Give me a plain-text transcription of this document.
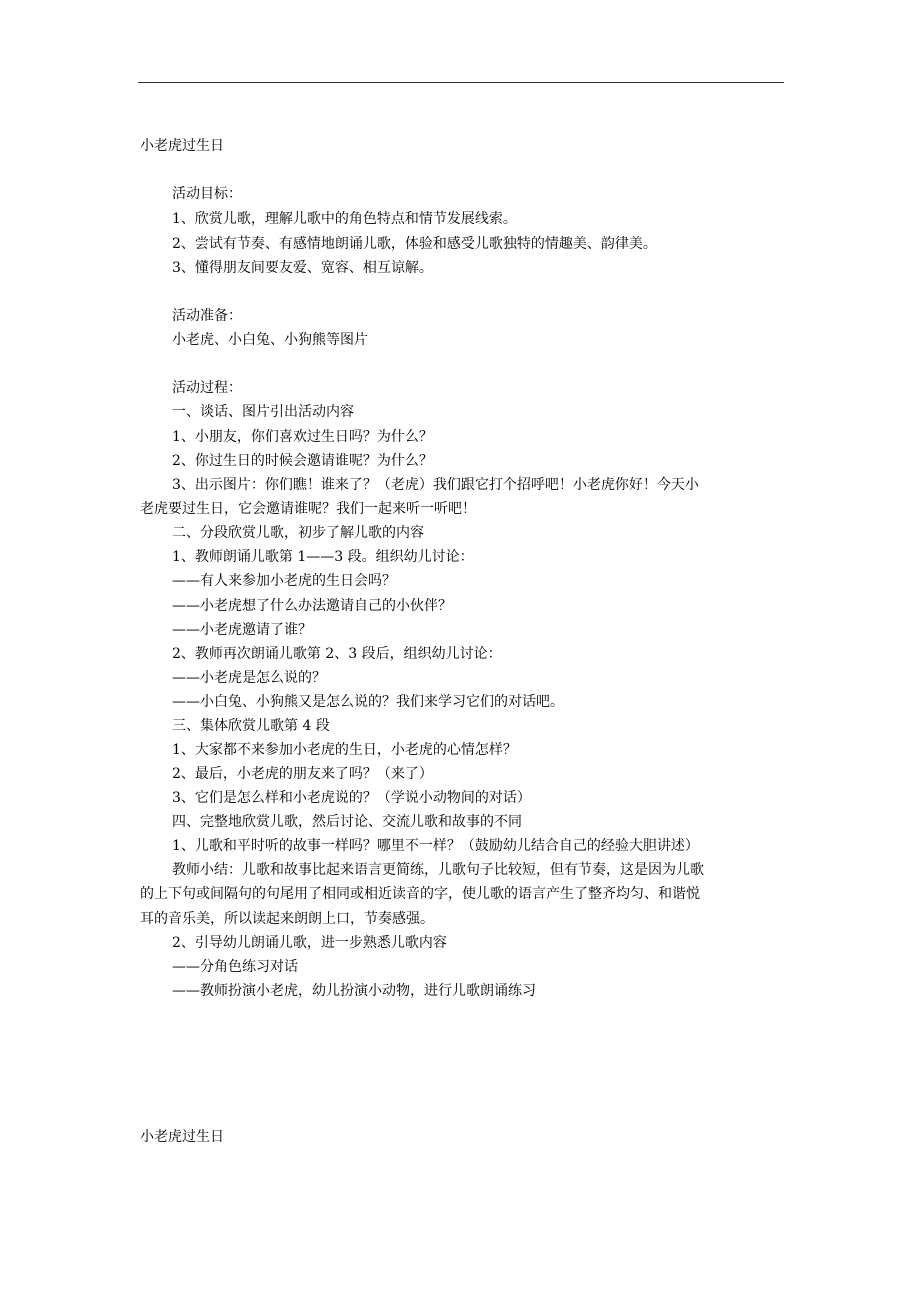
小老虎过生日
活动目标：
1、欣赏儿歌，理解儿歌中的角色特点和情节发展线索。
2、尝试有节奏、有感情地朗诵儿歌，体验和感受儿歌独特的情趣美、韵律美。
3、懂得朋友间要友爱、宽容、相互谅解。
活动准备：
小老虎、小白兔、小狗熊等图片
活动过程：
一、谈话、图片引出活动内容
1、小朋友，你们喜欢过生日吗？为什么？
2、你过生日的时候会邀请谁呢？为什么？
3、出示图片：你们瞧！谁来了？（老虎）我们跟它打个招呼吧！小老虎你好！今天小
老虎要过生日，它会邀请谁呢？我们一起来听一听吧！
二、分段欣赏儿歌，初步了解儿歌的内容
1、教师朗诵儿歌第 1——3 段。组织幼儿讨论：
——有人来参加小老虎的生日会吗？
——小老虎想了什么办法邀请自己的小伙伴？
——小老虎邀请了谁？
2、教师再次朗诵儿歌第 2、3 段后，组织幼儿讨论：
——小老虎是怎么说的？
——小白兔、小狗熊又是怎么说的？我们来学习它们的对话吧。
三、集体欣赏儿歌第 4 段
1、大家都不来参加小老虎的生日，小老虎的心情怎样？
2、最后，小老虎的朋友来了吗？（来了）
3、它们是怎么样和小老虎说的？（学说小动物间的对话）
四、完整地欣赏儿歌，然后讨论、交流儿歌和故事的不同
1、儿歌和平时听的故事一样吗？哪里不一样？（鼓励幼儿结合自己的经验大胆讲述）
教师小结：儿歌和故事比起来语言更简练，儿歌句子比较短，但有节奏，这是因为儿歌
的上下句或间隔句的句尾用了相同或相近读音的字，使儿歌的语言产生了整齐均匀、和谐悦
耳的音乐美，所以读起来朗朗上口，节奏感强。
2、引导幼儿朗诵儿歌，进一步熟悉儿歌内容
——分角色练习对话
——教师扮演小老虎，幼儿扮演小动物，进行儿歌朗诵练习
小老虎过生日
